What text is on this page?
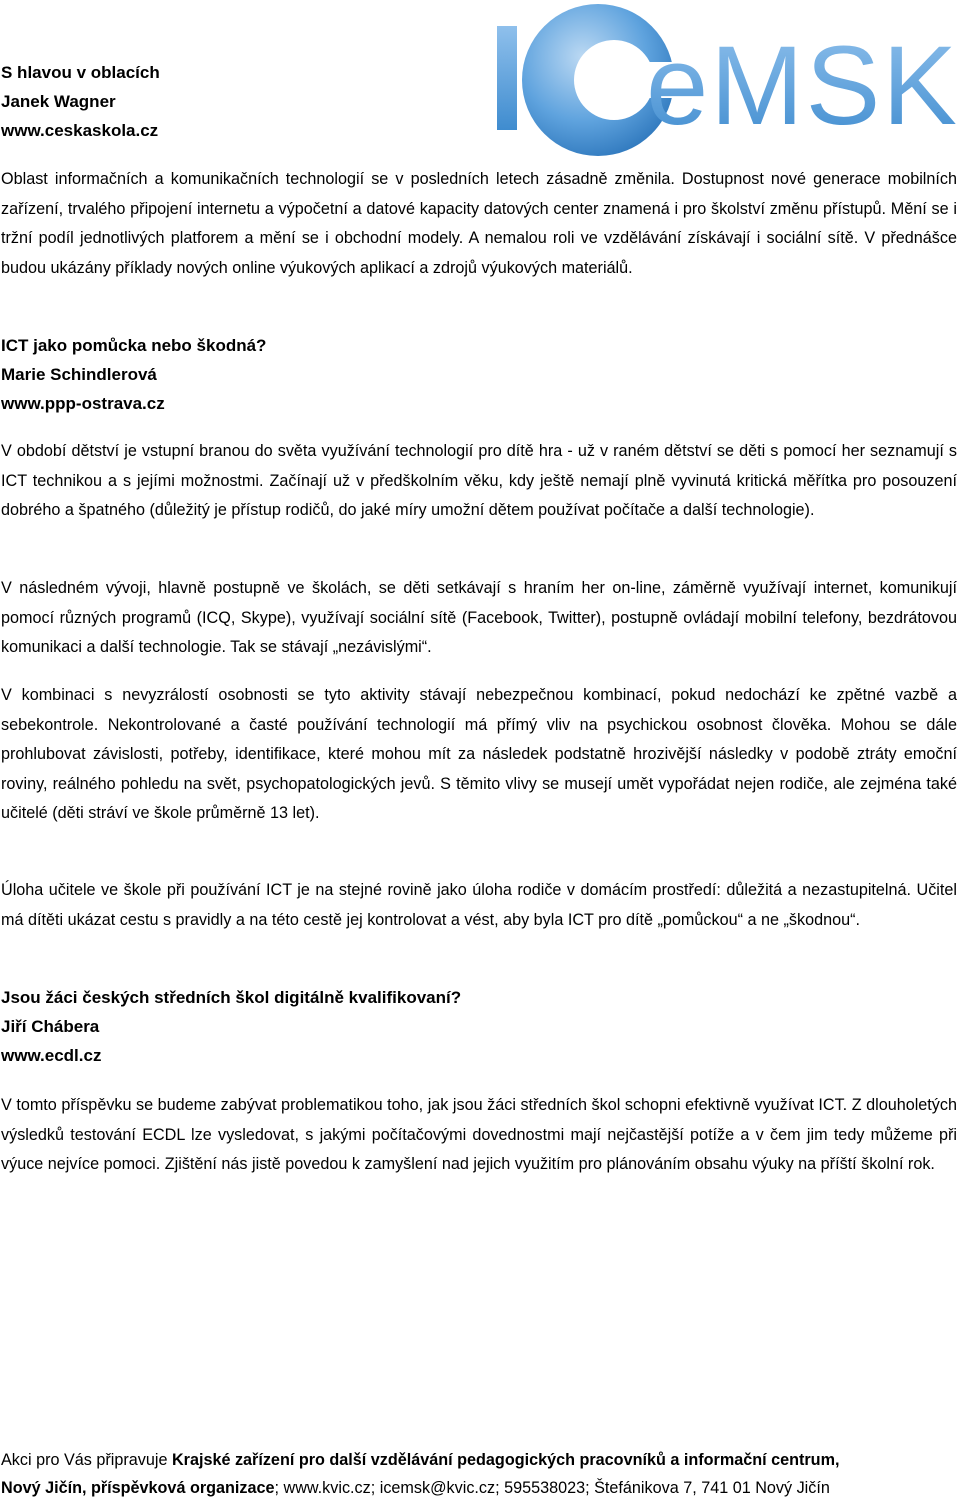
eMSK
S hlavou v oblacích
Janek Wagner
www.ceskaskola.cz
Oblast informačních a komunikačních technologií se v posledních letech zásadně změnila. Dostupnost nové generace mobilních zařízení, trvalého připojení internetu a výpočetní a datové kapacity datových center znamená i pro školství změnu přístupů. Mění se i tržní podíl jednotlivých platforem a mění se i obchodní modely. A nemalou roli ve vzdělávání získávají i sociální sítě. V přednášce budou ukázány příklady nových online výukových aplikací a zdrojů výukových materiálů.
ICT jako pomůcka nebo škodná?
Marie Schindlerová
www.ppp-ostrava.cz
V období dětství je vstupní branou do světa využívání technologií pro dítě hra - už v raném dětství se děti s pomocí her seznamují s ICT technikou a s jejími možnostmi. Začínají už v předškolním věku, kdy ještě nemají plně vyvinutá kritická měřítka pro posouzení dobrého a špatného (důležitý je přístup rodičů, do jaké míry umožní dětem používat počítače a další technologie).
V následném vývoji, hlavně postupně ve školách, se děti setkávají s hraním her on-line, záměrně využívají internet, komunikují pomocí různých programů (ICQ, Skype), využívají sociální sítě (Facebook, Twitter), postupně ovládají mobilní telefony, bezdrátovou komunikaci a další technologie. Tak se stávají „nezávislými“.
V kombinaci s nevyzrálostí osobnosti se tyto aktivity stávají nebezpečnou kombinací, pokud nedochází ke zpětné vazbě a sebekontrole. Nekontrolované a časté používání technologií má přímý vliv na psychickou osobnost člověka. Mohou se dále prohlubovat závislosti, potřeby, identifikace, které mohou mít za následek podstatně hrozivější následky v podobě ztráty emoční roviny, reálného pohledu na svět, psychopatologických jevů. S těmito vlivy se musejí umět vypořádat nejen rodiče, ale zejména také učitelé (děti stráví ve škole průměrně 13 let).
Úloha učitele ve škole při používání ICT je na stejné rovině jako úloha rodiče v domácím prostředí: důležitá a nezastupitelná. Učitel má dítěti ukázat cestu s pravidly a na této cestě jej kontrolovat a vést, aby byla ICT pro dítě „pomůckou“ a ne „škodnou“.
Jsou žáci českých středních škol digitálně kvalifikovaní?
Jiří Chábera
www.ecdl.cz
V tomto příspěvku se budeme zabývat problematikou toho, jak jsou žáci středních škol schopni efektivně využívat ICT. Z dlouholetých výsledků testování ECDL lze vysledovat, s jakými počítačovými dovednostmi mají nejčastější potíže a v čem jim tedy můžeme při výuce nejvíce pomoci. Zjištění nás jistě povedou k zamyšlení nad jejich využitím pro plánováním obsahu výuky na příští školní rok.
Akci pro Vás připravuje Krajské zařízení pro další vzdělávání pedagogických pracovníků a informační centrum,
Nový Jičín, příspěvková organizace; www.kvic.cz; icemsk@kvic.cz; 595538023; Štefánikova 7, 741 01 Nový Jičín
